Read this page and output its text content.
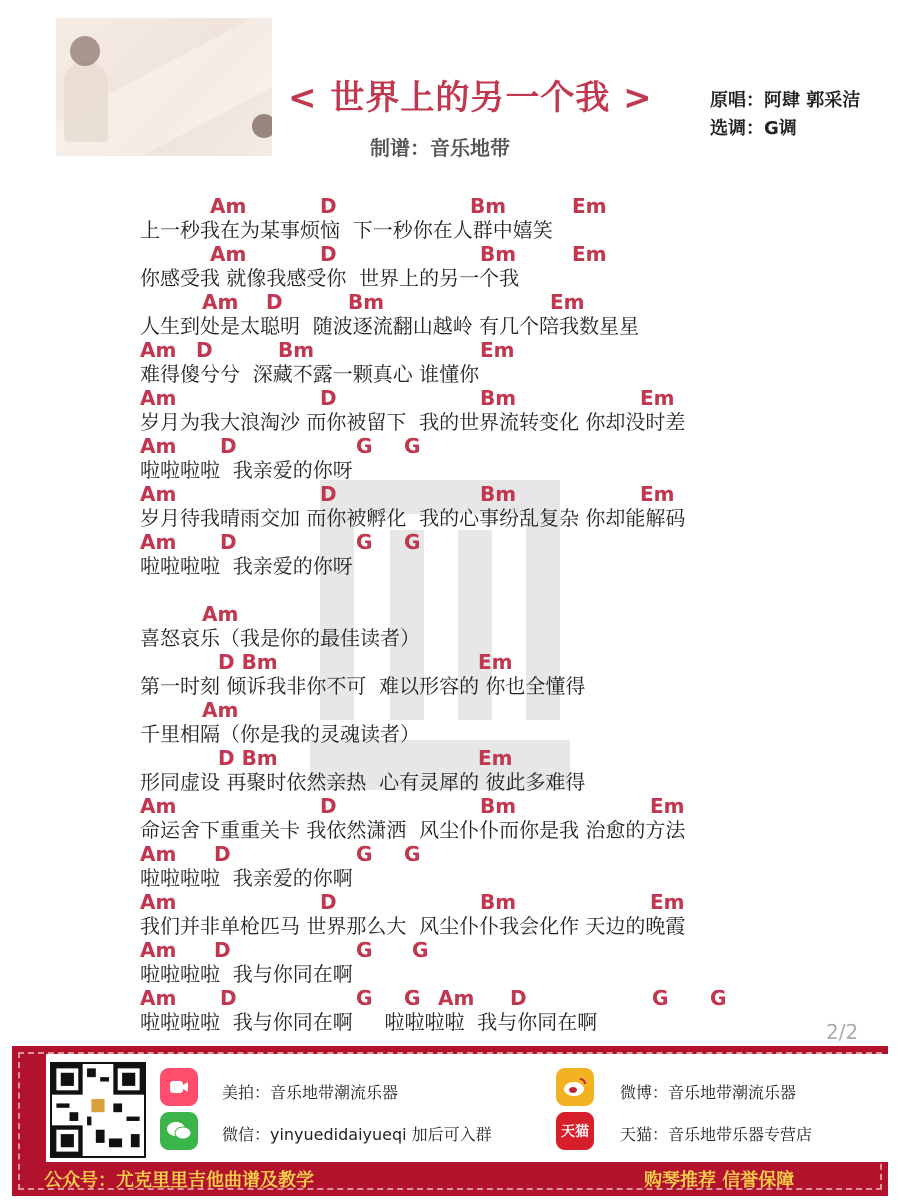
< 世界上的另一个我 >
制谱：音乐地带
原唱：阿肆 郭采洁
选调：G调
Am	D	Bm	Em
上一秒我在为某事烦恼  下一秒你在人群中嬉笑
Am	D	Bm	Em
你感受我 就像我感受你  世界上的另一个我
Am D	Bm	Em
人生到处是太聪明  随波逐流翻山越岭 有几个陪我数星星
Am D	Bm	Em
难得傻兮兮  深藏不露一颗真心 谁懂你
Am	D	Bm	Em
岁月为我大浪淘沙 而你被留下  我的世界流转变化 你却没时差
Am D	G G
啦啦啦啦  我亲爱的你呀
Am	D	Bm	Em
岁月待我晴雨交加 而你被孵化  我的心事纷乱复杂 你却能解码
Am D	G G
啦啦啦啦  我亲爱的你呀
Am
喜怒哀乐（我是你的最佳读者）
D Bm	Em
第一时刻 倾诉我非你不可  难以形容的 你也全懂得
Am
千里相隔（你是我的灵魂读者）
D Bm	Em
形同虚设 再聚时依然亲热  心有灵犀的 彼此多难得
Am	D	Bm	Em
命运舍下重重关卡 我依然潇洒  风尘仆仆而你是我 治愈的方法
Am D	G G
啦啦啦啦  我亲爱的你啊
Am	D	Bm	Em
我们并非单枪匹马 世界那么大  风尘仆仆我会化作 天边的晚霞
Am D	G G
啦啦啦啦  我与你同在啊
Am D	G G Am D	G G
啦啦啦啦  我与你同在啊     啦啦啦啦  我与你同在啊	2/2
美拍：音乐地带潮流乐器
微信：yinyuedidaiyueqi 加后可入群
微博：音乐地带潮流乐器
天猫 天猫：音乐地带乐器专营店
公众号：尤克里里吉他曲谱及教学	购琴推荐 信誉保障
